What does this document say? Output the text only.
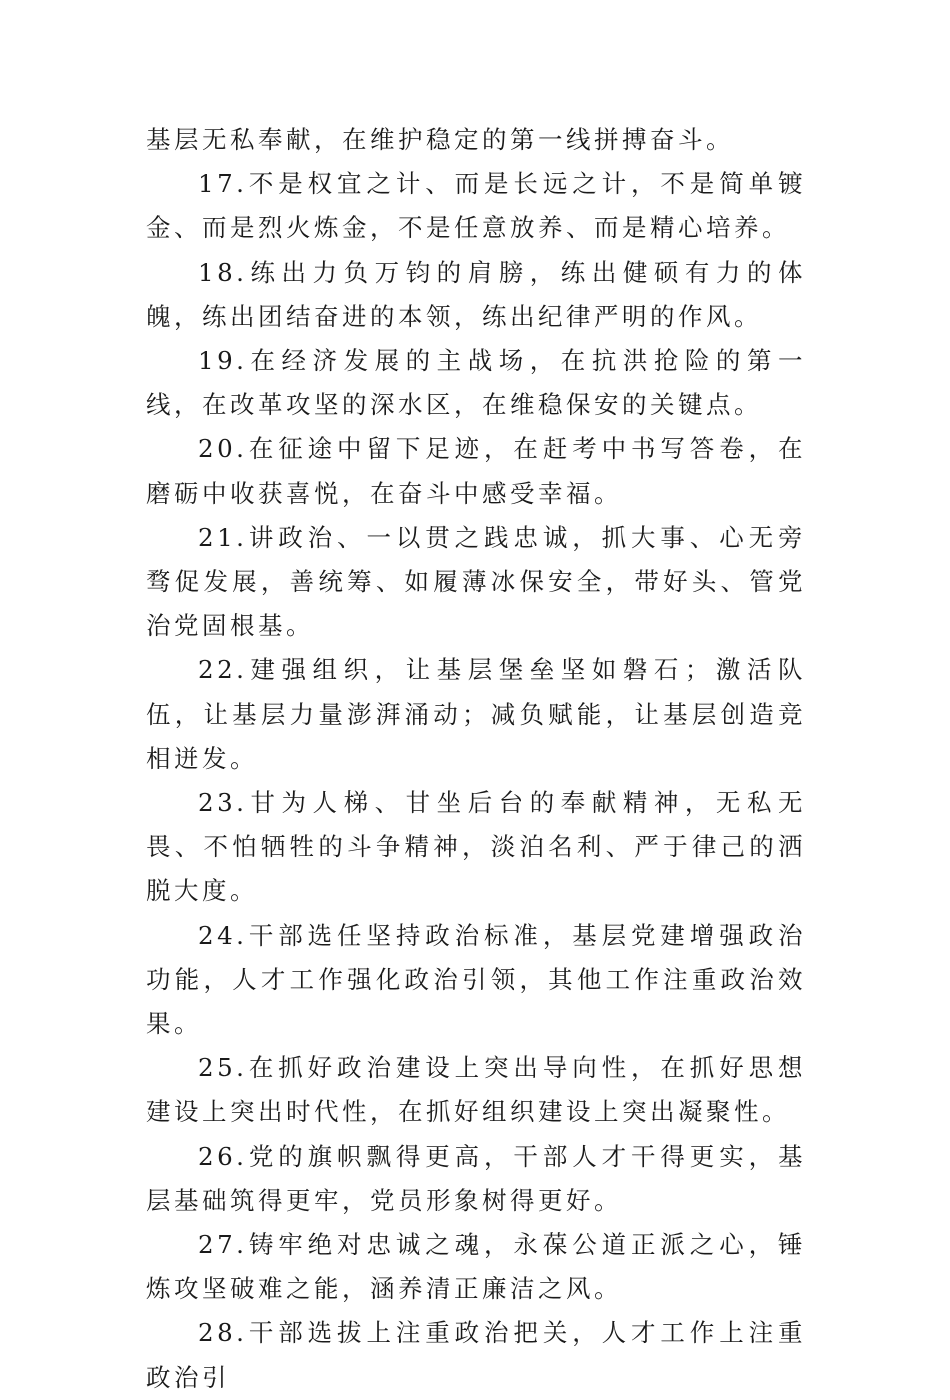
基层无私奉献，在维护稳定的第一线拼搏奋斗。

17.不是权宜之计、而是长远之计，不是简单镀金、而是烈火炼金，不是任意放养、而是精心培养。

18.练出力负万钧的肩膀，练出健硕有力的体魄，练出团结奋进的本领，练出纪律严明的作风。

19.在经济发展的主战场，在抗洪抢险的第一线，在改革攻坚的深水区，在维稳保安的关键点。

20.在征途中留下足迹，在赶考中书写答卷，在磨砺中收获喜悦，在奋斗中感受幸福。

21.讲政治、一以贯之践忠诚，抓大事、心无旁骛促发展，善统筹、如履薄冰保安全，带好头、管党治党固根基。

22.建强组织，让基层堡垒坚如磐石；激活队伍，让基层力量澎湃涌动；减负赋能，让基层创造竞相迸发。

23.甘为人梯、甘坐后台的奉献精神，无私无畏、不怕牺牲的斗争精神，淡泊名利、严于律己的洒脱大度。

24.干部选任坚持政治标准，基层党建增强政治功能，人才工作强化政治引领，其他工作注重政治效果。

25.在抓好政治建设上突出导向性，在抓好思想建设上突出时代性，在抓好组织建设上突出凝聚性。

26.党的旗帜飘得更高，干部人才干得更实，基层基础筑得更牢，党员形象树得更好。

27.铸牢绝对忠诚之魂，永葆公道正派之心，锤炼攻坚破难之能，涵养清正廉洁之风。

28.干部选拔上注重政治把关，人才工作上注重政治引
